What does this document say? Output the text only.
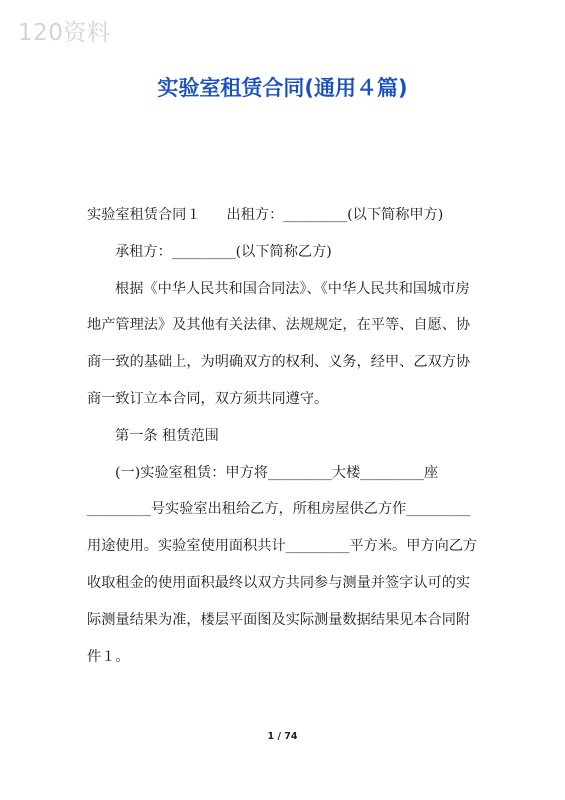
120资料
实验室租赁合同(通用４篇)

实验室租赁合同１ 出租方：_________(以下简称甲方)

承租方：_________(以下简称乙方)

根据《中华人民共和国合同法》、《中华人民共和国城市房地产管理法》及其他有关法律、法规规定，在平等、自愿、协商一致的基础上，为明确双方的权利、义务，经甲、乙双方协商一致订立本合同，双方须共同遵守。

第一条 租赁范围

(一)实验室租赁：甲方将_________大楼_________座_________号实验室出租给乙方，所租房屋供乙方作_________用途使用。实验室使用面积共计_________平方米。甲方向乙方收取租金的使用面积最终以双方共同参与测量并签字认可的实际测量结果为准，楼层平面图及实际测量数据结果见本合同附件１。

1 / 74
